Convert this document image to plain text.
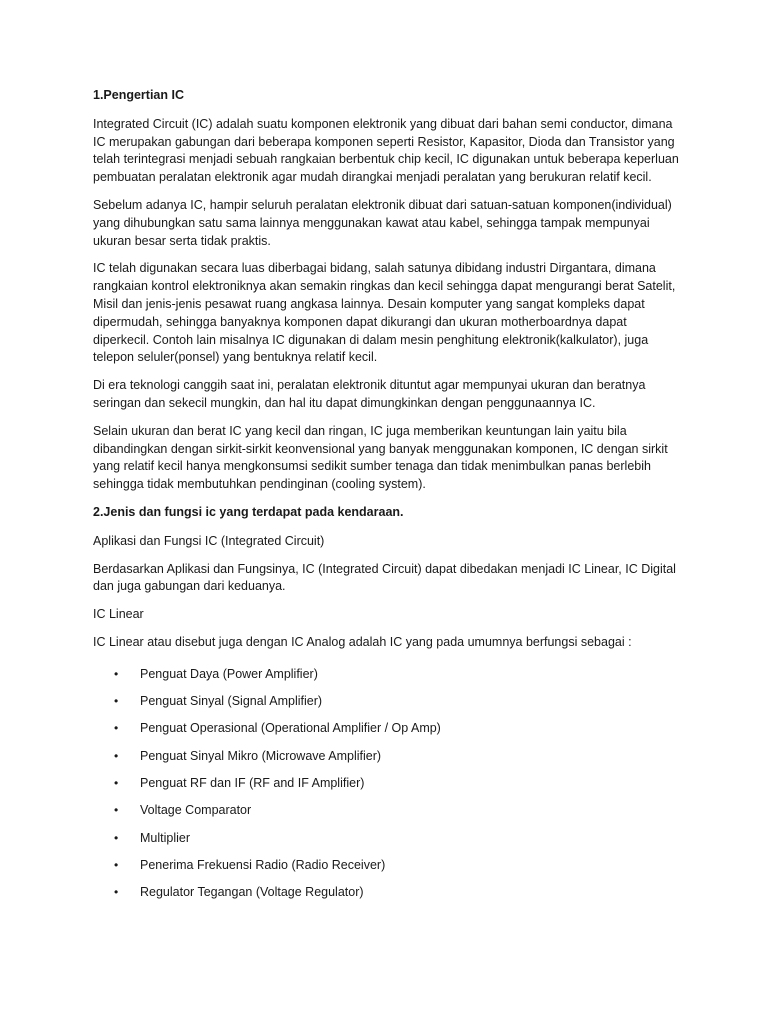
1.Pengertian IC

Integrated Circuit (IC) adalah suatu komponen elektronik yang dibuat dari bahan semi conductor, dimana IC merupakan gabungan dari beberapa komponen seperti Resistor, Kapasitor, Dioda dan Transistor yang telah terintegrasi menjadi sebuah rangkaian berbentuk chip kecil, IC digunakan untuk beberapa keperluan pembuatan peralatan elektronik agar mudah dirangkai menjadi peralatan yang berukuran relatif kecil.

Sebelum adanya IC, hampir seluruh peralatan elektronik dibuat dari satuan-satuan komponen(individual) yang dihubungkan satu sama lainnya menggunakan kawat atau kabel, sehingga tampak mempunyai ukuran besar serta tidak praktis.

IC telah digunakan secara luas diberbagai bidang, salah satunya dibidang industri Dirgantara, dimana rangkaian kontrol elektroniknya akan semakin ringkas dan kecil sehingga dapat mengurangi berat Satelit, Misil dan jenis-jenis pesawat ruang angkasa lainnya. Desain komputer yang sangat kompleks dapat dipermudah, sehingga banyaknya komponen dapat dikurangi dan ukuran motherboardnya dapat diperkecil. Contoh lain misalnya IC digunakan di dalam mesin penghitung elektronik(kalkulator), juga telepon seluler(ponsel) yang bentuknya relatif kecil.

Di era teknologi canggih saat ini, peralatan elektronik dituntut agar mempunyai ukuran dan beratnya seringan dan sekecil mungkin, dan hal itu dapat dimungkinkan dengan penggunaannya IC.

Selain ukuran dan berat IC yang kecil dan ringan, IC juga memberikan keuntungan lain yaitu bila dibandingkan dengan sirkit-sirkit keonvensional yang banyak menggunakan komponen, IC dengan sirkit yang relatif kecil hanya mengkonsumsi sedikit sumber tenaga dan tidak menimbulkan panas berlebih sehingga tidak membutuhkan pendinginan (cooling system).

2.Jenis dan fungsi ic yang terdapat pada kendaraan.
Aplikasi dan Fungsi IC (Integrated Circuit)

Berdasarkan Aplikasi dan Fungsinya, IC (Integrated Circuit) dapat dibedakan menjadi IC Linear, IC Digital dan juga gabungan dari keduanya.

IC Linear

IC Linear atau disebut juga dengan IC Analog adalah IC yang pada umumnya berfungsi sebagai :

• Penguat Daya (Power Amplifier)
• Penguat Sinyal (Signal Amplifier)
• Penguat Operasional (Operational Amplifier / Op Amp)
• Penguat Sinyal Mikro (Microwave Amplifier)
• Penguat RF dan IF (RF and IF Amplifier)
• Voltage Comparator
• Multiplier
• Penerima Frekuensi Radio (Radio Receiver)
• Regulator Tegangan (Voltage Regulator)
